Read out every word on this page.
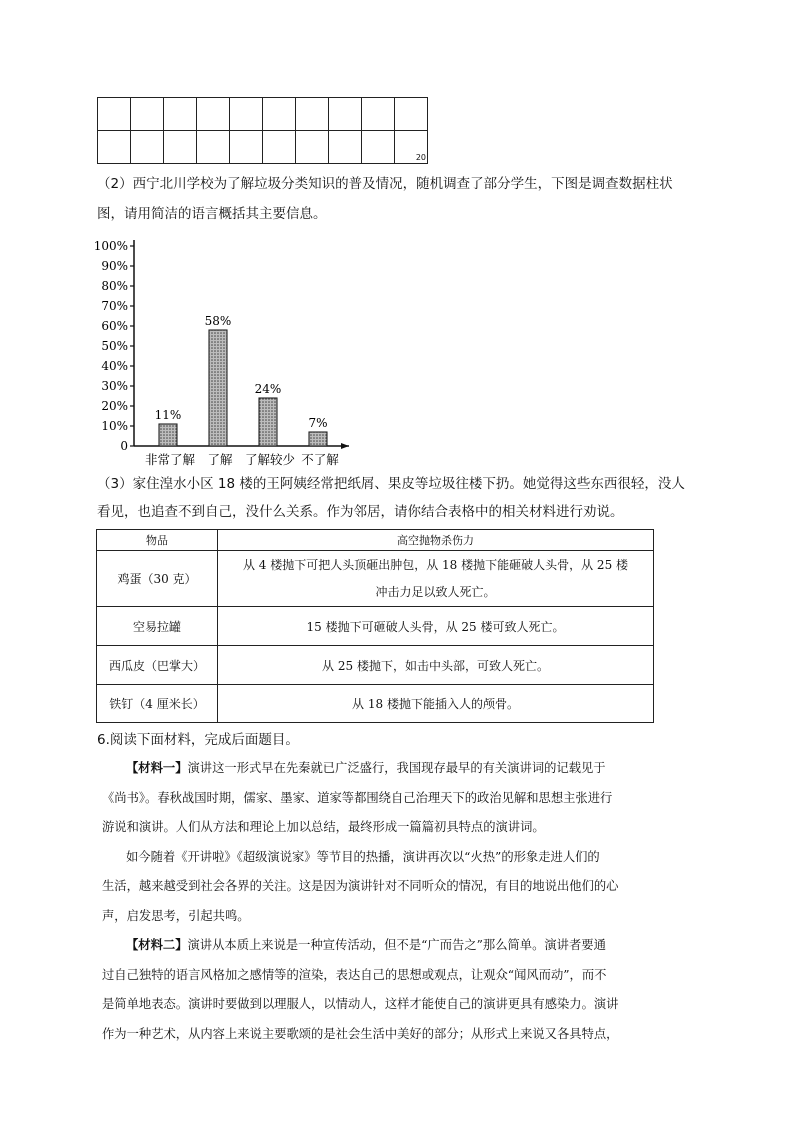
									20
（2）西宁北川学校为了解垃圾分类知识的普及情况，随机调查了部分学生，下图是调查数据柱状
图，请用简洁的语言概括其主要信息。
0
10%
20%
30%
40%
50%
60%
70%
80%
90%
100%
11%
非常了解
58%
了解
24%
了解较少
7%
不了解
（3）家住湟水小区 18 楼的王阿姨经常把纸屑、果皮等垃圾往楼下扔。她觉得这些东西很轻，没人
看见，也追查不到自己，没什么关系。作为邻居，请你结合表格中的相关材料进行劝说。
物品	高空抛物杀伤力
鸡蛋（30 克）	从 4 楼抛下可把人头顶砸出肿包，从 18 楼抛下能砸破人头骨，从 25 楼
冲击力足以致人死亡。

空易拉罐	15 楼抛下可砸破人头骨，从 25 楼可致人死亡。
西瓜皮（巴掌大）	从 25 楼抛下，如击中头部，可致人死亡。
铁钉（4 厘米长）	从 18 楼抛下能插入人的颅骨。
6.阅读下面材料，完成后面题目。
【材料一】演讲这一形式早在先秦就已广泛盛行，我国现存最早的有关演讲词的记载见于
《尚书》。春秋战国时期，儒家、墨家、道家等都围绕自己治理天下的政治见解和思想主张进行
游说和演讲。人们从方法和理论上加以总结，最终形成一篇篇初具特点的演讲词。
如今随着《开讲啦》《超级演说家》等节目的热播，演讲再次以“火热”的形象走进人们的
生活，越来越受到社会各界的关注。这是因为演讲针对不同听众的情况，有目的地说出他们的心
声，启发思考，引起共鸣。
【材料二】演讲从本质上来说是一种宣传活动，但不是“广而告之”那么简单。演讲者要通
过自己独特的语言风格加之感情等的渲染，表达自己的思想或观点，让观众“闻风而动”，而不
是简单地表态。演讲时要做到以理服人，以情动人，这样才能使自己的演讲更具有感染力。演讲
作为一种艺术，从内容上来说主要歌颂的是社会生活中美好的部分；从形式上来说又各具特点，
